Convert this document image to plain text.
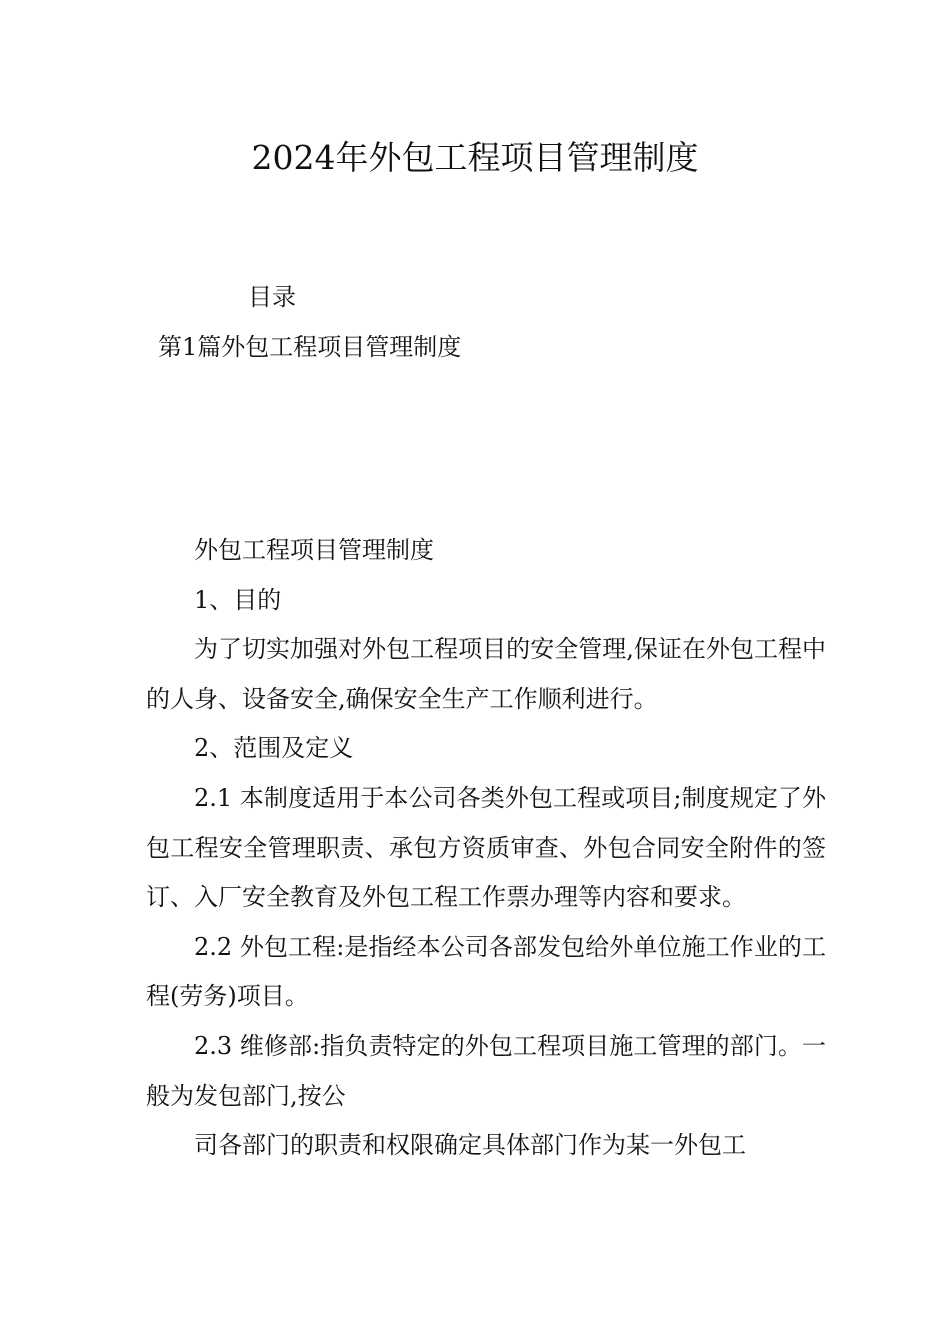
2024年外包工程项目管理制度
目录
第1篇外包工程项目管理制度

外包工程项目管理制度

1、目的

为了切实加强对外包工程项目的安全管理,保证在外包工程中的人身、设备安全,确保安全生产工作顺利进行。

2、范围及定义

2.1 本制度适用于本公司各类外包工程或项目;制度规定了外包工程安全管理职责、承包方资质审查、外包合同安全附件的签订、入厂安全教育及外包工程工作票办理等内容和要求。

2.2 外包工程:是指经本公司各部发包给外单位施工作业的工程(劳务)项目。

2.3 维修部:指负责特定的外包工程项目施工管理的部门。一般为发包部门,按公

司各部门的职责和权限确定具体部门作为某一外包工
